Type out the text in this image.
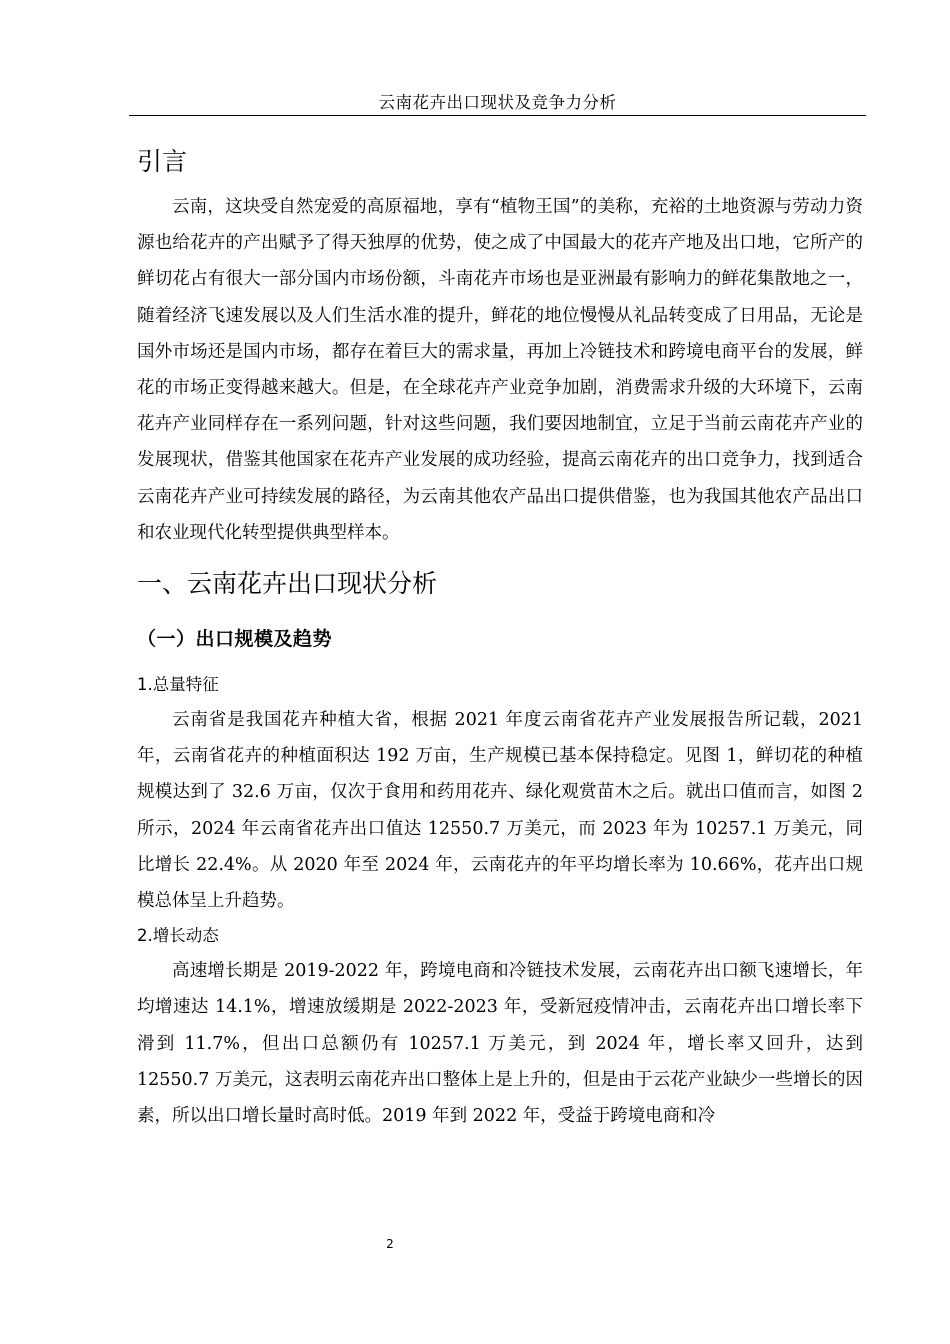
云南花卉出口现状及竞争力分析
引言

云南，这块受自然宠爱的高原福地，享有“植物王国”的美称，充裕的土地资源与劳动力资源也给花卉的产出赋予了得天独厚的优势，使之成了中国最大的花卉产地及出口地，它所产的鲜切花占有很大一部分国内市场份额，斗南花卉市场也是亚洲最有影响力的鲜花集散地之一，随着经济飞速发展以及人们生活水准的提升，鲜花的地位慢慢从礼品转变成了日用品，无论是国外市场还是国内市场，都存在着巨大的需求量，再加上冷链技术和跨境电商平台的发展，鲜花的市场正变得越来越大。但是，在全球花卉产业竞争加剧，消费需求升级的大环境下，云南花卉产业同样存在一系列问题，针对这些问题，我们要因地制宜，立足于当前云南花卉产业的发展现状，借鉴其他国家在花卉产业发展的成功经验，提高云南花卉的出口竞争力，找到适合云南花卉产业可持续发展的路径，为云南其他农产品出口提供借鉴，也为我国其他农产品出口和农业现代化转型提供典型样本。

一、云南花卉出口现状分析
（一）出口规模及趋势
1.总量特征

云南省是我国花卉种植大省，根据 2021 年度云南省花卉产业发展报告所记载，2021 年，云南省花卉的种植面积达 192 万亩，生产规模已基本保持稳定。见图 1，鲜切花的种植规模达到了 32.6 万亩，仅次于食用和药用花卉、绿化观赏苗木之后。就出口值而言，如图 2 所示，2024 年云南省花卉出口值达 12550.7 万美元，而 2023 年为 10257.1 万美元，同比增长 22.4%。从 2020 年至 2024 年，云南花卉的年平均增长率为 10.66%，花卉出口规模总体呈上升趋势。

2.增长动态

高速增长期是 2019-2022 年，跨境电商和冷链技术发展，云南花卉出口额飞速增长，年均增速达 14.1%，增速放缓期是 2022-2023 年，受新冠疫情冲击，云南花卉出口增长率下滑到 11.7%，但出口总额仍有 10257.1 万美元，到 2024 年，增长率又回升，达到 12550.7 万美元，这表明云南花卉出口整体上是上升的，但是由于云花产业缺少一些增长的因素，所以出口增长量时高时低。2019 年到 2022 年，受益于跨境电商和冷

2
